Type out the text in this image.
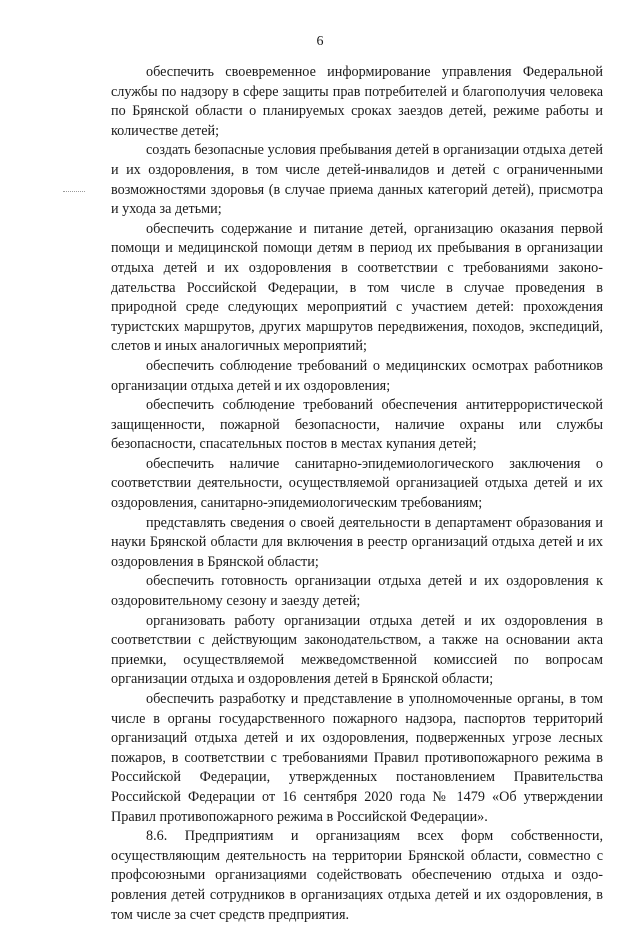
6

обеспечить своевременное информирование управления Федеральной службы по надзору в сфере защиты прав потребителей и благополучия человека по Брянской области о планируемых сроках заездов детей, режиме работы и количестве детей;

создать безопасные условия пребывания детей в организации отдыха детей и их оздоровления, в том числе детей-инвалидов и детей с ограниченными возможностями здоровья (в случае приема данных категорий детей), присмотра и ухода за детьми;

обеспечить содержание и питание детей, организацию оказания первой помощи и медицинской помощи детям в период их пребывания в организации отдыха детей и их оздоровления в соответствии с требованиями законодательства Российской Федерации, в том числе в случае проведения в природной среде следующих мероприятий с участием детей: прохождения туристских маршрутов, других маршрутов передвижения, походов, экспедиций, слетов и иных аналогичных мероприятий;

обеспечить соблюдение требований о медицинских осмотрах работников организации отдыха детей и их оздоровления;

обеспечить соблюдение требований обеспечения антитеррористической защищенности, пожарной безопасности, наличие охраны или службы безопасности, спасательных постов в местах купания детей;

обеспечить наличие санитарно-эпидемиологического заключения о соответствии деятельности, осуществляемой организацией отдыха детей и их оздоровления, санитарно-эпидемиологическим требованиям;

представлять сведения о своей деятельности в департамент образования и науки Брянской области для включения в реестр организаций отдыха детей и их оздоровления в Брянской области;

обеспечить готовность организации отдыха детей и их оздоровления к оздоровительному сезону и заезду детей;

организовать работу организации отдыха детей и их оздоровления в соответствии с действующим законодательством, а также на основании акта приемки, осуществляемой межведомственной комиссией по вопросам организации отдыха и оздоровления детей в Брянской области;

обеспечить разработку и представление в уполномоченные органы, в том числе в органы государственного пожарного надзора, паспортов территорий организаций отдыха детей и их оздоровления, подверженных угрозе лесных пожаров, в соответствии с требованиями Правил противопожарного режима в Российской Федерации, утвержденных постановлением Правительства Российской Федерации от 16 сентября 2020 года № 1479 «Об утверждении Правил противопожарного режима в Российской Федерации».

8.6. Предприятиям и организациям всех форм собственности, осуществляющим деятельность на территории Брянской области, совместно с профсоюзными организациями содействовать обеспечению отдыха и оздоровления детей сотрудников в организациях отдыха детей и их оздоровления, в том числе за счет средств предприятия.
